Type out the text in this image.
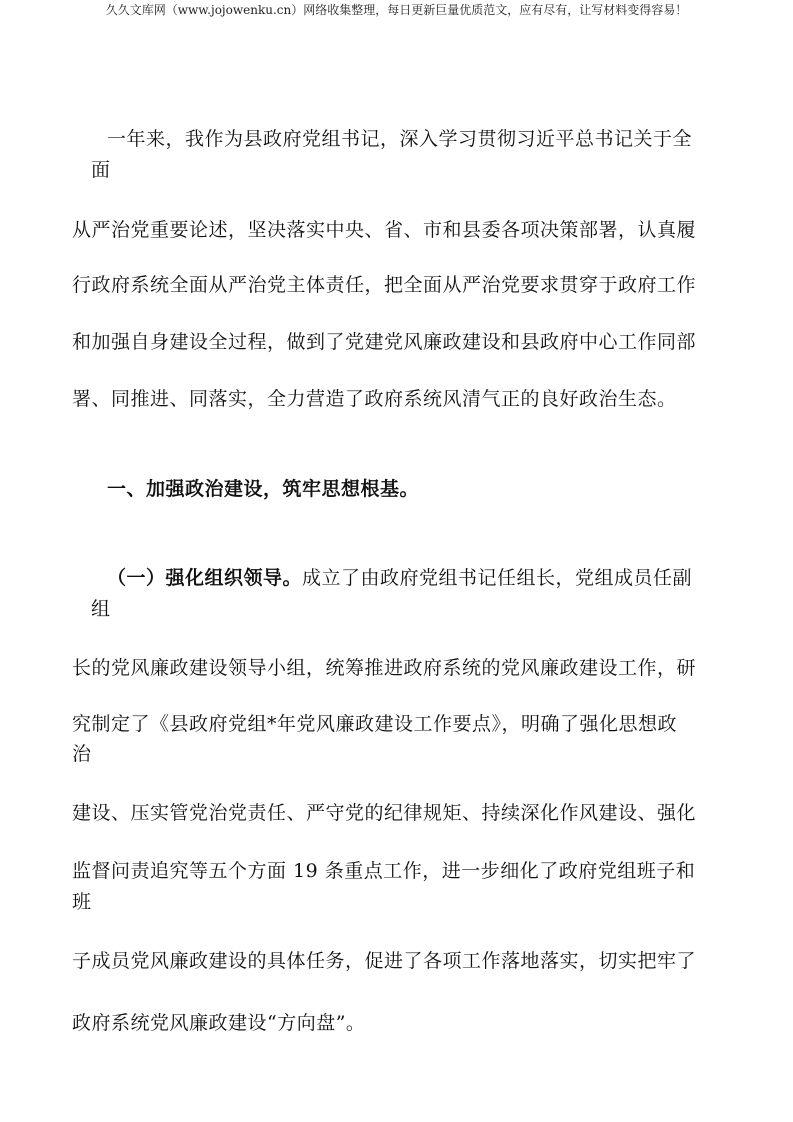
久久文库网（www.jojowenku.cn）网络收集整理，每日更新巨量优质范文，应有尽有，让写材料变得容易！
一年来，我作为县政府党组书记，深入学习贯彻习近平总书记关于全
面
从严治党重要论述，坚决落实中央、省、市和县委各项决策部署，认真履
行政府系统全面从严治党主体责任，把全面从严治党要求贯穿于政府工作
和加强自身建设全过程，做到了党建党风廉政建设和县政府中心工作同部
署、同推进、同落实，全力营造了政府系统风清气正的良好政治生态。
一、加强政治建设，筑牢思想根基。
（一）强化组织领导。成立了由政府党组书记任组长，党组成员任副
组
长的党风廉政建设领导小组，统筹推进政府系统的党风廉政建设工作，研
究制定了《县政府党组*年党风廉政建设工作要点》，明确了强化思想政
治
建设、压实管党治党责任、严守党的纪律规矩、持续深化作风建设、强化
监督问责追究等五个方面 19 条重点工作，进一步细化了政府党组班子和
班
子成员党风廉政建设的具体任务，促进了各项工作落地落实，切实把牢了
政府系统党风廉政建设“方向盘”。
